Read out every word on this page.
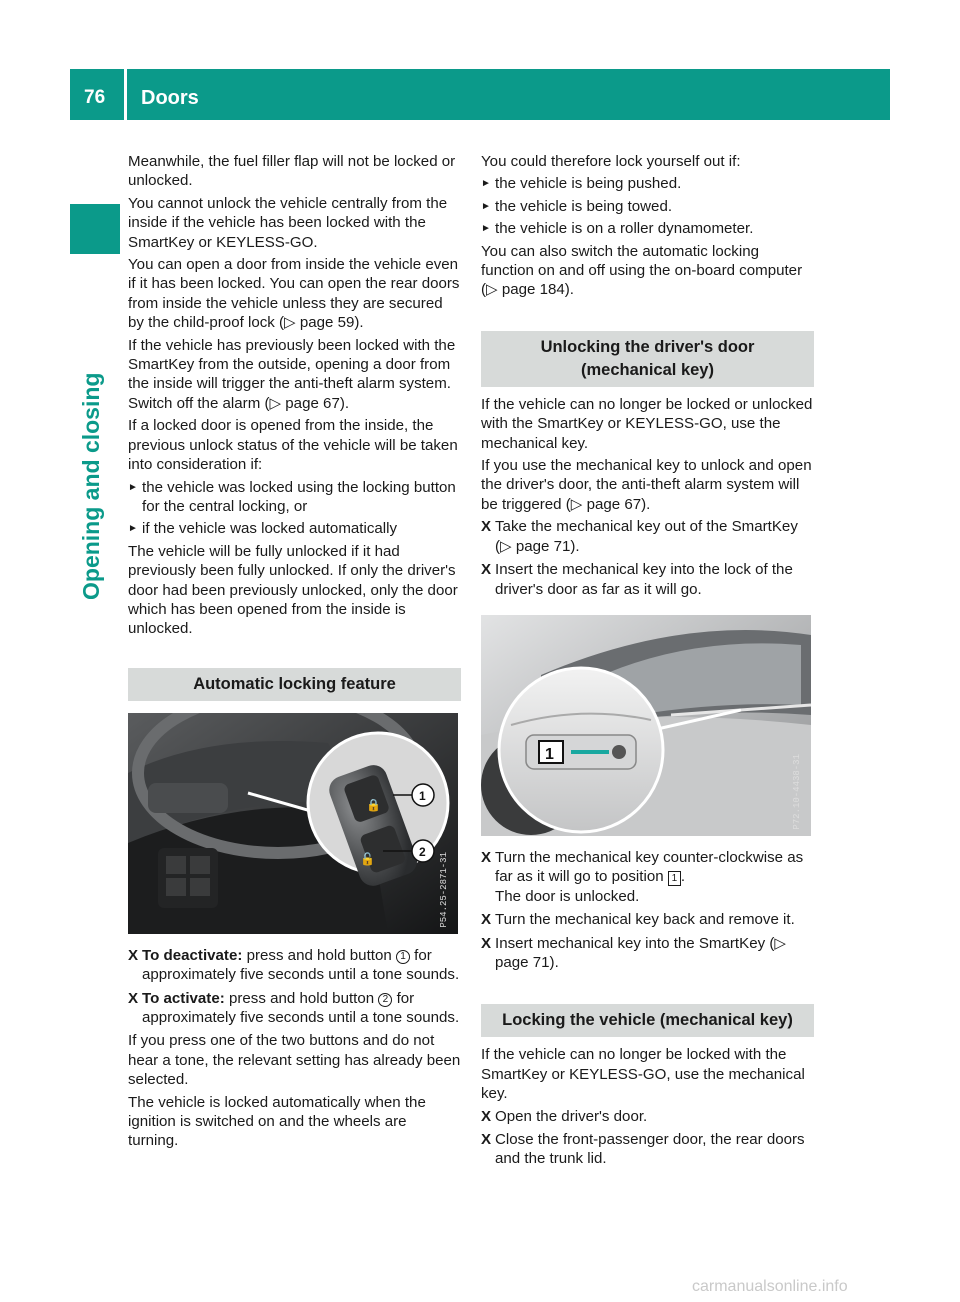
76 Doors
Opening and closing

Meanwhile, the fuel filler flap will not be locked or unlocked.

You cannot unlock the vehicle centrally from the inside if the vehicle has been locked with the SmartKey or KEYLESS-GO.

You can open a door from inside the vehicle even if it has been locked. You can open the rear doors from inside the vehicle unless they are secured by the child-proof lock (▷ page 59).

If the vehicle has previously been locked with the SmartKey from the outside, opening a door from the inside will trigger the anti-theft alarm system. Switch off the alarm (▷ page 67).

If a locked door is opened from the inside, the previous unlock status of the vehicle will be taken into consideration if:

► the vehicle was locked using the locking button for the central locking, or
► if the vehicle was locked automatically

The vehicle will be fully unlocked if it had previously been fully unlocked. If only the driver's door had been previously unlocked, only the door which has been opened from the inside is unlocked.

Automatic locking feature
🔒
🔓
1
2
P54.25-2871-31
X To deactivate: press and hold button 1 for approximately five seconds until a tone sounds.
X To activate: press and hold button 2 for approximately five seconds until a tone sounds.

If you press one of the two buttons and do not hear a tone, the relevant setting has already been selected.

The vehicle is locked automatically when the ignition is switched on and the wheels are turning.

You could therefore lock yourself out if:

► the vehicle is being pushed.
► the vehicle is being towed.
► the vehicle is on a roller dynamometer.

You can also switch the automatic locking function on and off using the on-board computer (▷ page 184).

Unlocking the driver's door (mechanical key)

If the vehicle can no longer be locked or unlocked with the SmartKey or KEYLESS-GO, use the mechanical key.

If you use the mechanical key to unlock and open the driver's door, the anti-theft alarm system will be triggered (▷ page 67).

X Take the mechanical key out of the SmartKey (▷ page 71).
X Insert the mechanical key into the lock of the driver's door as far as it will go.
1	P72.10-4438-31
X Turn the mechanical key counter-clockwise as far as it will go to position 1 .
The door is unlocked.
X Turn the mechanical key back and remove it.
X Insert mechanical key into the SmartKey (▷ page 71).
Locking the vehicle (mechanical key)

If the vehicle can no longer be locked with the SmartKey or KEYLESS-GO, use the mechanical key.

X Open the driver's door.
X Close the front-passenger door, the rear doors and the trunk lid.
carmanualsonline.info
